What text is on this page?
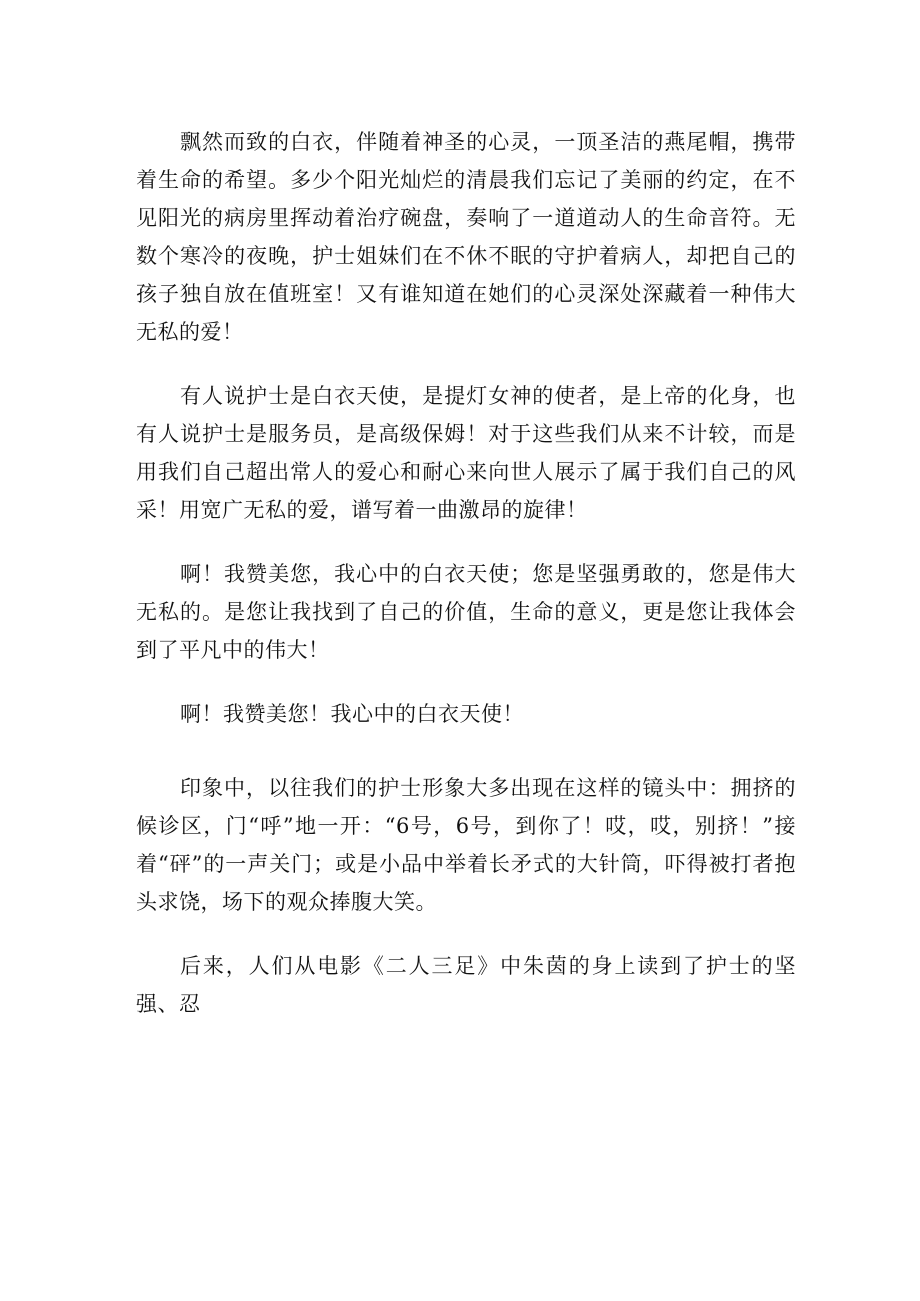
飘然而致的白衣，伴随着神圣的心灵，一顶圣洁的燕尾帽，携带着生命的希望。多少个阳光灿烂的清晨我们忘记了美丽的约定，在不见阳光的病房里挥动着治疗碗盘，奏响了一道道动人的生命音符。无数个寒冷的夜晚，护士姐妹们在不休不眠的守护着病人，却把自己的孩子独自放在值班室！又有谁知道在她们的心灵深处深藏着一种伟大无私的爱！

有人说护士是白衣天使，是提灯女神的使者，是上帝的化身，也有人说护士是服务员，是高级保姆！对于这些我们从来不计较，而是用我们自己超出常人的爱心和耐心来向世人展示了属于我们自己的风采！用宽广无私的爱，谱写着一曲激昂的旋律！

啊！我赞美您，我心中的白衣天使；您是坚强勇敢的，您是伟大无私的。是您让我找到了自己的价值，生命的意义，更是您让我体会到了平凡中的伟大！

啊！我赞美您！我心中的白衣天使！

印象中，以往我们的护士形象大多出现在这样的镜头中：拥挤的候诊区，门“呼”地一开：“6号，6号，到你了！哎，哎，别挤！”接着“砰”的一声关门；或是小品中举着长矛式的大针筒，吓得被打者抱头求饶，场下的观众捧腹大笑。

后来，人们从电影《二人三足》中朱茵的身上读到了护士的坚强、忍
